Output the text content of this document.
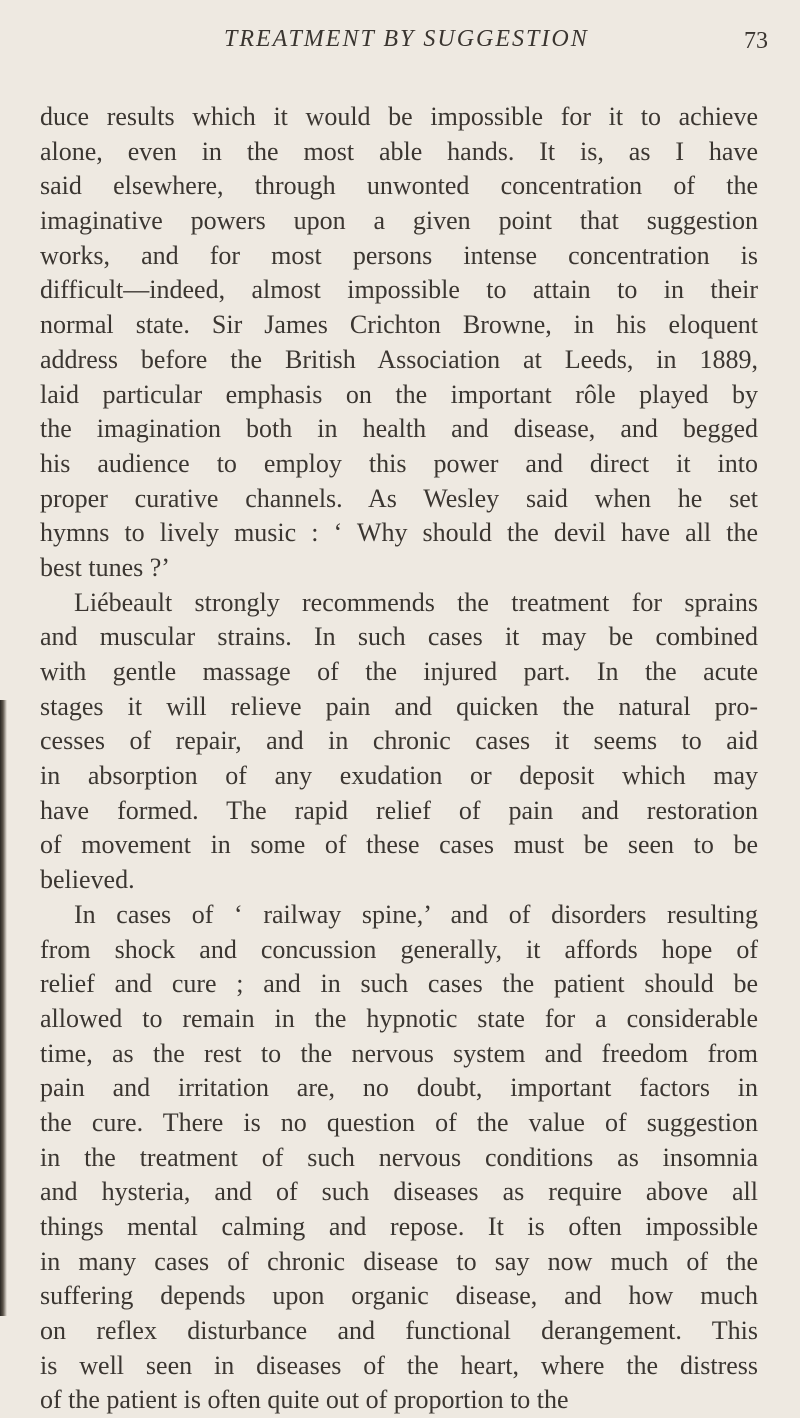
TREATMENT BY SUGGESTION	73
duce results which it would be impossible for it to achieve
alone, even in the most able hands. It is, as I have
said elsewhere, through unwonted concentration of the
imaginative powers upon a given point that suggestion
works, and for most persons intense concentration is
difficult—indeed, almost impossible to attain to in their
normal state. Sir James Crichton Browne, in his eloquent
address before the British Association at Leeds, in 1889,
laid particular emphasis on the important rôle played by
the imagination both in health and disease, and begged
his audience to employ this power and direct it into
proper curative channels. As Wesley said when he set
hymns to lively music : ‘ Why should the devil have all the
best tunes ?’
Liébeault strongly recommends the treatment for sprains
and muscular strains. In such cases it may be combined
with gentle massage of the injured part. In the acute
stages it will relieve pain and quicken the natural pro-
cesses of repair, and in chronic cases it seems to aid
in absorption of any exudation or deposit which may
have formed. The rapid relief of pain and restoration
of movement in some of these cases must be seen to be
believed.
In cases of ‘ railway spine,’ and of disorders resulting
from shock and concussion generally, it affords hope of
relief and cure ; and in such cases the patient should be
allowed to remain in the hypnotic state for a considerable
time, as the rest to the nervous system and freedom from
pain and irritation are, no doubt, important factors in
the cure. There is no question of the value of suggestion
in the treatment of such nervous conditions as insomnia
and hysteria, and of such diseases as require above all
things mental calming and repose. It is often impossible
in many cases of chronic disease to say now much of the
suffering depends upon organic disease, and how much
on reflex disturbance and functional derangement. This
is well seen in diseases of the heart, where the distress
of the patient is often quite out of proportion to the
